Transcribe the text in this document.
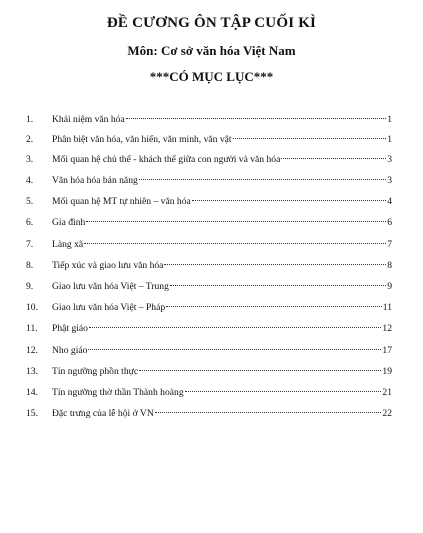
ĐỀ CƯƠNG ÔN TẬP CUỐI KÌ
Môn: Cơ sở văn hóa Việt Nam
***CÓ MỤC LỤC***
1. Khái niệm văn hóa	1
2. Phân biệt văn hóa, văn hiến, văn minh, văn vật	1
3. Mối quan hệ chủ thể - khách thể giữa con người và văn hóa	3
4. Văn hóa hóa bản năng	3
5. Mối quan hệ MT tự nhiên – văn hóa	4
6. Gia đình	6
7. Làng xã	7
8. Tiếp xúc và giao lưu văn hóa	8
9. Giao lưu văn hóa Việt – Trung	9
10. Giao lưu văn hóa Việt – Pháp	11
11. Phật giáo	12
12. Nho giáo	17
13. Tín ngưỡng phồn thực	19
14. Tín ngưỡng thờ thần Thành hoàng	21
15. Đặc trưng của lễ hội ở VN	22
